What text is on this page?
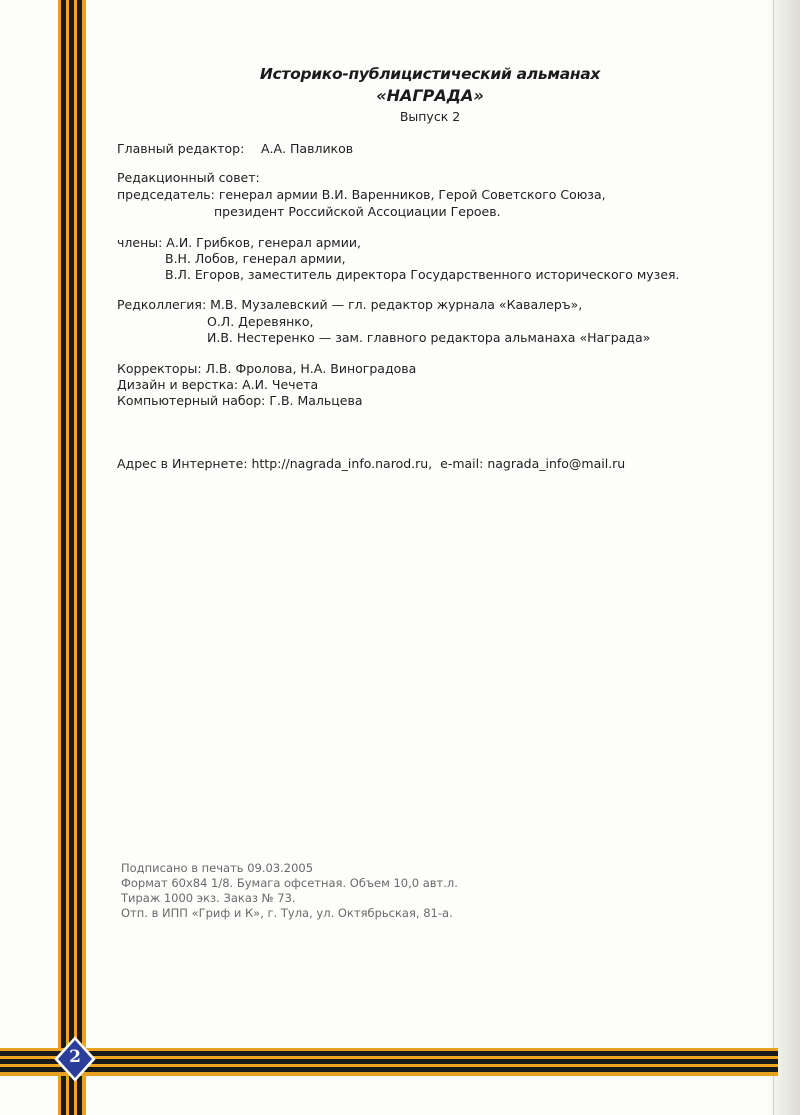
2
Историко-публицистический альманах
«НАГРАДА»
Выпуск 2
Главный редактор: А.А. Павликов
Редакционный совет:
председатель: генерал армии В.И. Варенников, Герой Советского Союза,
президент Российской Ассоциации Героев.
члены: А.И. Грибков, генерал армии,
В.Н. Лобов, генерал армии,
В.Л. Егоров, заместитель директора Государственного исторического музея.
Редколлегия: М.В. Музалевский — гл. редактор журнала «Кавалеръ»,
О.Л. Деревянко,
И.В. Нестеренко — зам. главного редактора альманаха «Награда»
Корректоры: Л.В. Фролова, Н.А. Виноградова
Дизайн и верстка: А.И. Чечета
Компьютерный набор: Г.В. Мальцева
Адрес в Интернете: http://nagrada_info.narod.ru, e-mail: nagrada_info@mail.ru
Подписано в печать 09.03.2005
Формат 60х84 1/8. Бумага офсетная. Объем 10,0 авт.л.
Тираж 1000 экз. Заказ № 73.
Отп. в ИПП «Гриф и К», г. Тула, ул. Октябрьская, 81-а.
